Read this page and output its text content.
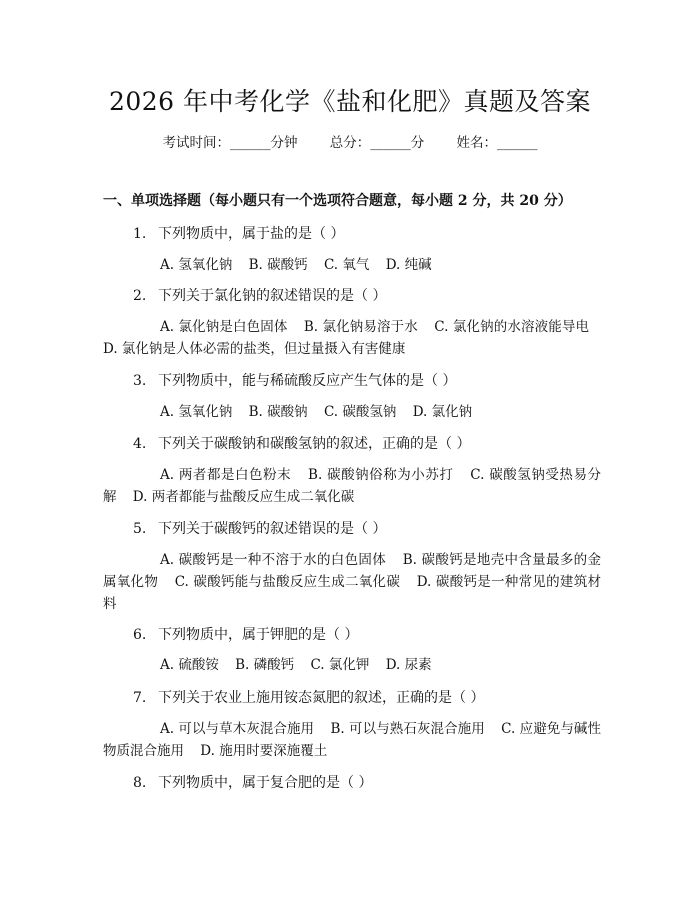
2026 年中考化学《盐和化肥》真题及答案
考试时间：______分钟 总分：______分 姓名：______
一、单项选择题（每小题只有一个选项符合题意，每小题 2 分，共 20 分）
1. 下列物质中，属于盐的是（ ）
A. 氢氧化钠 B. 碳酸钙 C. 氧气 D. 纯碱
2. 下列关于氯化钠的叙述错误的是（ ）
A. 氯化钠是白色固体 B. 氯化钠易溶于水 C. 氯化钠的水溶液能导电 D. 氯化钠是人体必需的盐类，但过量摄入有害健康
3. 下列物质中，能与稀硫酸反应产生气体的是（ ）
A. 氢氧化钠 B. 碳酸钠 C. 碳酸氢钠 D. 氯化钠
4. 下列关于碳酸钠和碳酸氢钠的叙述，正确的是（ ）
A. 两者都是白色粉末 B. 碳酸钠俗称为小苏打 C. 碳酸氢钠受热易分解 D. 两者都能与盐酸反应生成二氧化碳
5. 下列关于碳酸钙的叙述错误的是（ ）
A. 碳酸钙是一种不溶于水的白色固体 B. 碳酸钙是地壳中含量最多的金属氧化物 C. 碳酸钙能与盐酸反应生成二氧化碳 D. 碳酸钙是一种常见的建筑材料
6. 下列物质中，属于钾肥的是（ ）
A. 硫酸铵 B. 磷酸钙 C. 氯化钾 D. 尿素
7. 下列关于农业上施用铵态氮肥的叙述，正确的是（ ）
A. 可以与草木灰混合施用 B. 可以与熟石灰混合施用 C. 应避免与碱性物质混合施用 D. 施用时要深施覆土
8. 下列物质中，属于复合肥的是（ ）
